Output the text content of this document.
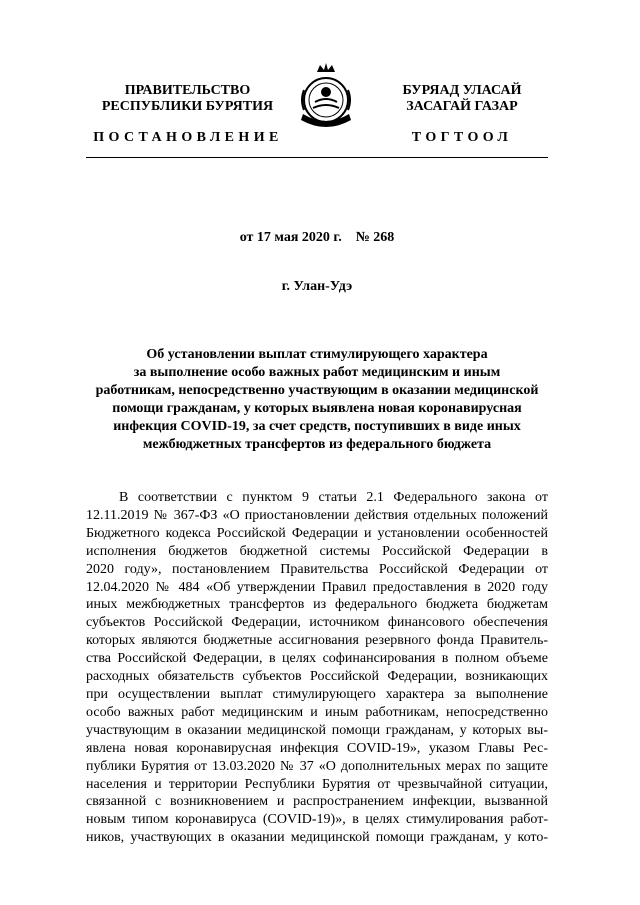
ПРАВИТЕЛЬСТВО
РЕСПУБЛИКИ БУРЯТИЯ
БУРЯАД УЛАСАЙ
ЗАСАГАЙ ГАЗАР
ПОСТАНОВЛЕНИЕ	ТОГТООЛ
от 17 мая 2020 г.    № 268
г. Улан-Удэ
Об установлении выплат стимулирующего характера
за выполнение особо важных работ медицинским и иным
работникам, непосредственно участвующим в оказании медицинской
помощи гражданам, у которых выявлена новая коронавирусная
инфекция COVID-19, за счет средств, поступивших в виде иных
межбюджетных трансфертов из федерального бюджета
В соответствии с пунктом 9 статьи 2.1 Федерального закона от
12.11.2019 № 367-ФЗ «О приостановлении действия отдельных положений
Бюджетного кодекса Российской Федерации и установлении особенностей
исполнения бюджетов бюджетной системы Российской Федерации в
2020 году», постановлением Правительства Российской Федерации от
12.04.2020 № 484 «Об утверждении Правил предоставления в 2020 году
иных межбюджетных трансфертов из федерального бюджета бюджетам
субъектов Российской Федерации, источником финансового обеспечения
которых являются бюджетные ассигнования резервного фонда Правитель-
ства Российской Федерации, в целях софинансирования в полном объеме
расходных обязательств субъектов Российской Федерации, возникающих
при осуществлении выплат стимулирующего характера за выполнение
особо важных работ медицинским и иным работникам, непосредственно
участвующим в оказании медицинской помощи гражданам, у которых вы-
явлена новая коронавирусная инфекция COVID-19», указом Главы Рес-
публики Бурятия от 13.03.2020 № 37 «О дополнительных мерах по защите
населения и территории Республики Бурятия от чрезвычайной ситуации,
связанной с возникновением и распространением инфекции, вызванной
новым типом коронавируса (COVID-19)», в целях стимулирования работ-
ников, участвующих в оказании медицинской помощи гражданам, у кото-
